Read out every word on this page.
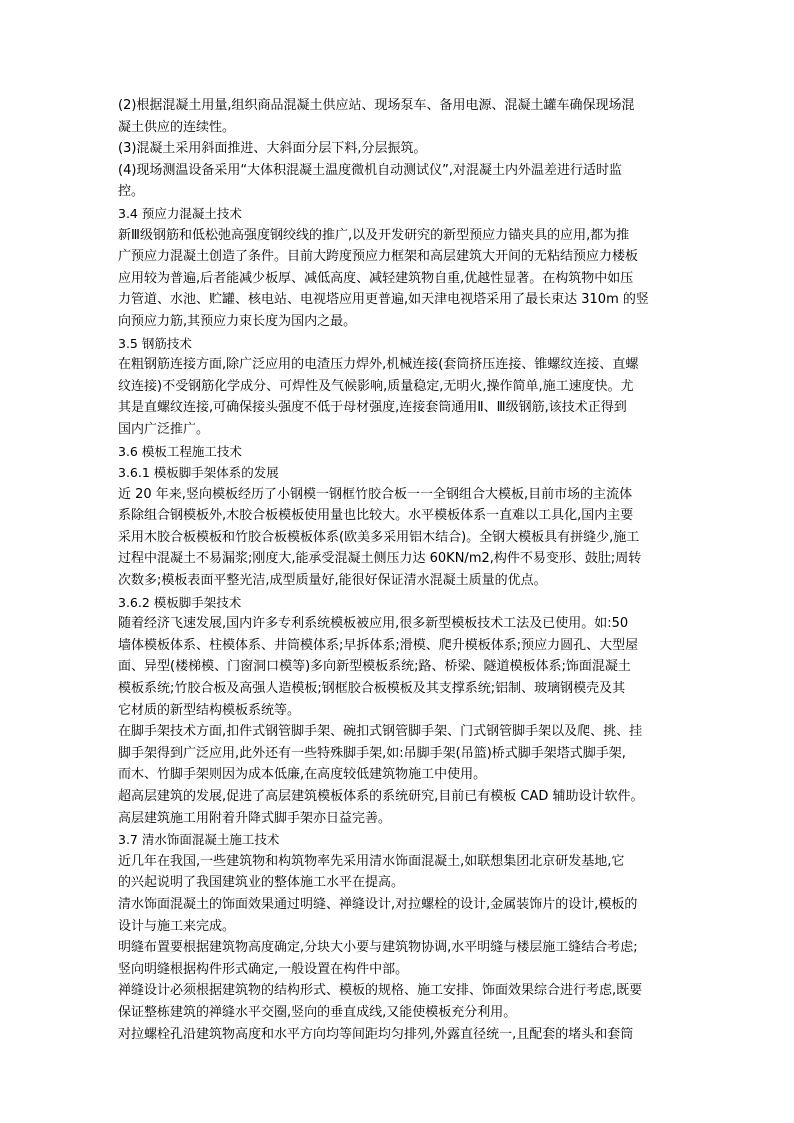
(2)根据混凝土用量,组织商品混凝土供应站、现场泵车、备用电源、混凝土罐车确保现场混
凝土供应的连续性。
(3)混凝土采用斜面推进、大斜面分层下料,分层振筑。
(4)现场测温设备采用“大体积混凝土温度微机自动测试仪”,对混凝土内外温差进行适时监
控。
3.4 预应力混凝土技术
新Ⅲ级钢筋和低松弛高强度钢绞线的推广,以及开发研究的新型预应力锚夹具的应用,都为推
广预应力混凝土创造了条件。目前大跨度预应力框架和高层建筑大开间的无粘结预应力楼板
应用较为普遍,后者能减少板厚、减低高度、减轻建筑物自重,优越性显著。在构筑物中如压
力管道、水池、贮罐、核电站、电视塔应用更普遍,如天津电视塔采用了最长束达 310m 的竖
向预应力筋,其预应力束长度为国内之最。
3.5 钢筋技术
在粗钢筋连接方面,除广泛应用的电渣压力焊外,机械连接(套筒挤压连接、锥螺纹连接、直螺
纹连接)不受钢筋化学成分、可焊性及气候影响,质量稳定,无明火,操作简单,施工速度快。尤
其是直螺纹连接,可确保接头强度不低于母材强度,连接套筒通用Ⅱ、Ⅲ级钢筋,该技术正得到
国内广泛推广。
3.6 模板工程施工技术
3.6.1 模板脚手架体系的发展
近 20 年来,竖向模板经历了小钢模一钢框竹胶合板一一全钢组合大模板,目前市场的主流体
系除组合钢模板外,木胶合板模板使用量也比较大。水平模板体系一直难以工具化,国内主要
采用木胶合板模板和竹胶合板模板体系(欧美多采用铝木结合)。全钢大模板具有拼缝少,施工
过程中混凝土不易漏浆;刚度大,能承受混凝土侧压力达 60KN/m2,构件不易变形、鼓肚;周转
次数多;模板表面平整光洁,成型质量好,能很好保证清水混凝土质量的优点。
3.6.2 模板脚手架技术
随着经济飞速发展,国内许多专利系统模板被应用,很多新型模板技术工法及已使用。如:50
墙体模板体系、柱模体系、井筒模体系;早拆体系;滑模、爬升模板体系;预应力圆孔、大型屋
面、异型(楼梯模、门窗洞口模等)多向新型模板系统;路、桥梁、隧道模板体系;饰面混凝土
模板系统;竹胶合板及高强人造模板;钢框胶合板模板及其支撑系统;铝制、玻璃钢模壳及其
它材质的新型结构模板系统等。
在脚手架技术方面,扣件式钢管脚手架、碗扣式钢管脚手架、门式钢管脚手架以及爬、挑、挂
脚手架得到广泛应用,此外还有一些特殊脚手架,如:吊脚手架(吊篮)桥式脚手架塔式脚手架,
而木、竹脚手架则因为成本低廉,在高度较低建筑物施工中使用。
超高层建筑的发展,促进了高层建筑模板体系的系统研究,目前已有模板 CAD 辅助设计软件。
高层建筑施工用附着升降式脚手架亦日益完善。
3.7 清水饰面混凝土施工技术
近几年在我国,一些建筑物和构筑物率先采用清水饰面混凝土,如联想集团北京研发基地,它
的兴起说明了我国建筑业的整体施工水平在提高。
清水饰面混凝土的饰面效果通过明缝、禅缝设计,对拉螺栓的设计,金属装饰片的设计,模板的
设计与施工来完成。
明缝布置要根据建筑物高度确定,分块大小要与建筑物协调,水平明缝与楼层施工缝结合考虑;
竖向明缝根据构件形式确定,一般设置在构件中部。
禅缝设计必须根据建筑物的结构形式、模板的规格、施工安排、饰面效果综合进行考虑,既要
保证整栋建筑的禅缝水平交圈,竖向的垂直成线,又能使模板充分利用。
对拉螺栓孔沿建筑物高度和水平方向均等间距均匀排列,外露直径统一,且配套的堵头和套筒
